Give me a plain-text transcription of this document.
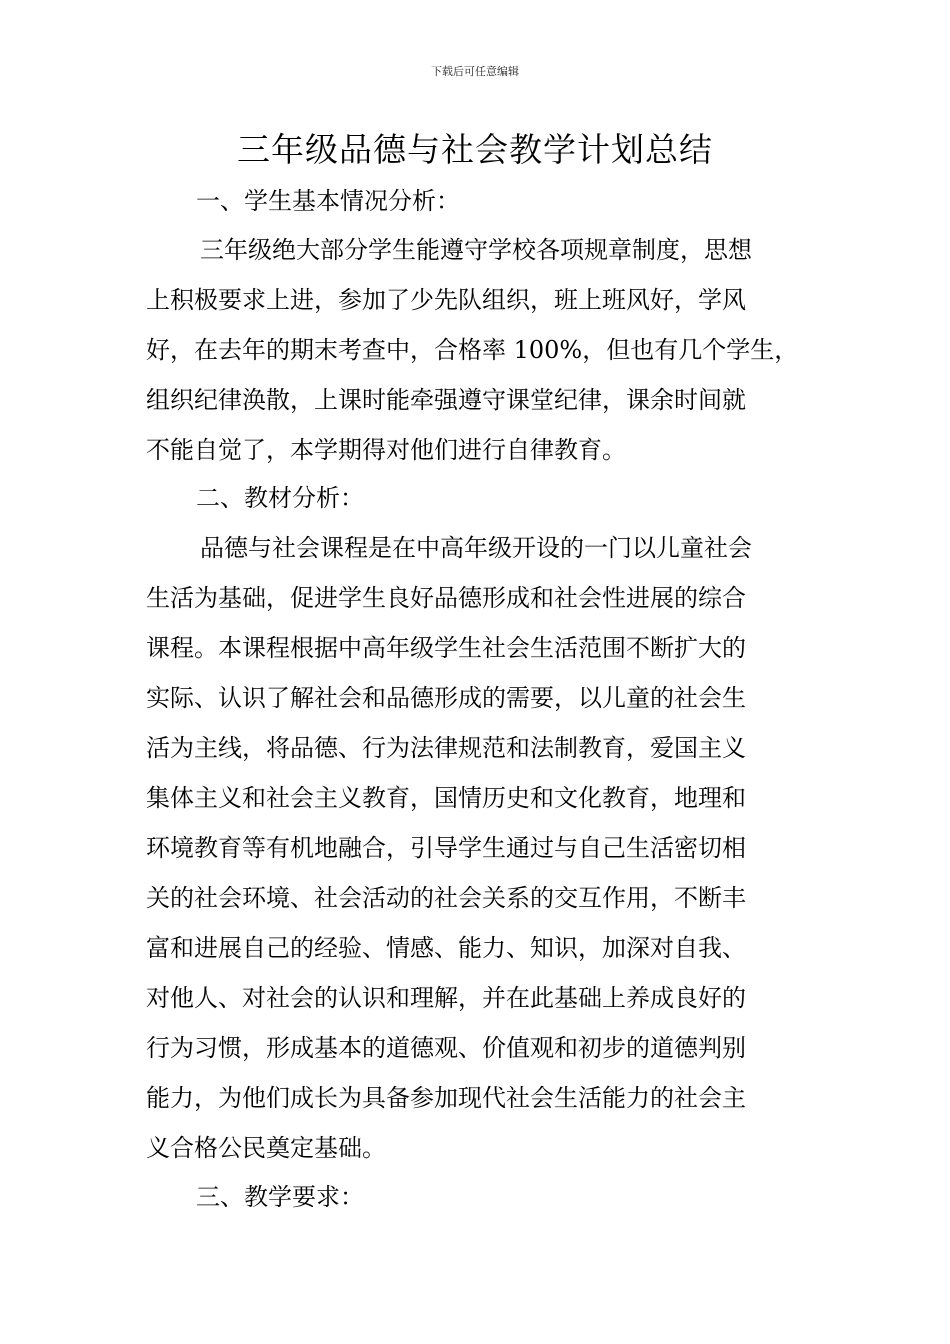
下载后可任意编辑
三年级品德与社会教学计划总结
一、学生基本情况分析：
三年级绝大部分学生能遵守学校各项规章制度，思想
上积极要求上进，参加了少先队组织，班上班风好，学风
好，在去年的期末考查中，合格率 100%，但也有几个学生，
组织纪律涣散，上课时能牵强遵守课堂纪律，课余时间就
不能自觉了，本学期得对他们进行自律教育。
二、教材分析：
品德与社会课程是在中高年级开设的一门以儿童社会
生活为基础，促进学生良好品德形成和社会性进展的综合
课程。本课程根据中高年级学生社会生活范围不断扩大的
实际、认识了解社会和品德形成的需要，以儿童的社会生
活为主线，将品德、行为法律规范和法制教育，爱国主义
集体主义和社会主义教育，国情历史和文化教育，地理和
环境教育等有机地融合，引导学生通过与自己生活密切相
关的社会环境、社会活动的社会关系的交互作用，不断丰
富和进展自己的经验、情感、能力、知识，加深对自我、
对他人、对社会的认识和理解，并在此基础上养成良好的
行为习惯，形成基本的道德观、价值观和初步的道德判别
能力，为他们成长为具备参加现代社会生活能力的社会主
义合格公民奠定基础。
三、教学要求：
